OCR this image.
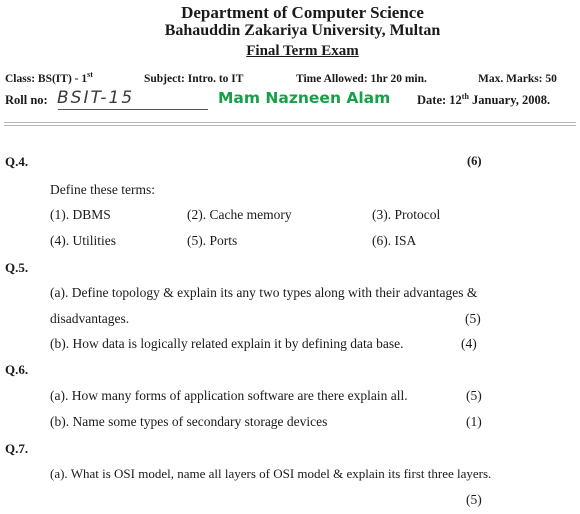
Department of Computer Science
Bahauddin Zakariya University, Multan
Final Term Exam
Class: BS(IT) - 1st	Subject: Intro. to IT	Time Allowed: 1hr 20 min.	Max. Marks: 50
Roll no: BSIT-15	Mam Nazneen Alam Date: 12th January, 2008.
Q.4.	(6)
Define these terms:
(1). DBMS	(2). Cache memory	(3). Protocol
(4). Utilities	(5). Ports	(6). ISA
Q.5.
(a). Define topology & explain its any two types along with their advantages &
disadvantages.	(5)
(b). How data is logically related explain it by defining data base.	(4)
Q.6.
(a). How many forms of application software are there explain all.	(5)
(b). Name some types of secondary storage devices	(1)
Q.7.
(a). What is OSI model, name all layers of OSI model & explain its first three layers.
(5)
